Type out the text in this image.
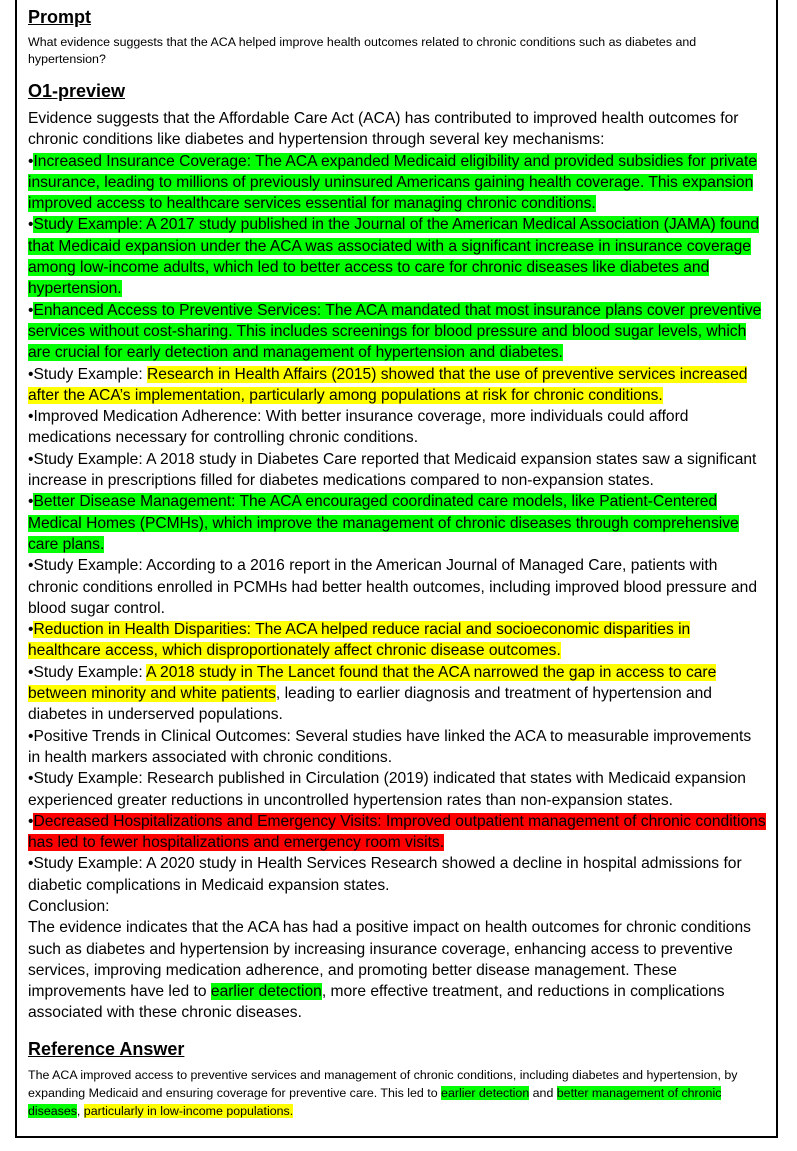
Prompt
What evidence suggests that the ACA helped improve health outcomes related to chronic conditions such as diabetes and hypertension?
O1-preview

Evidence suggests that the Affordable Care Act (ACA) has contributed to improved health outcomes for chronic conditions like diabetes and hypertension through several key mechanisms:

•Increased Insurance Coverage: The ACA expanded Medicaid eligibility and provided subsidies for private insurance, leading to millions of previously uninsured Americans gaining health coverage. This expansion improved access to healthcare services essential for managing chronic conditions.

•Study Example: A 2017 study published in the Journal of the American Medical Association (JAMA) found that Medicaid expansion under the ACA was associated with a significant increase in insurance coverage among low-income adults, which led to better access to care for chronic diseases like diabetes and hypertension.

•Enhanced Access to Preventive Services: The ACA mandated that most insurance plans cover preventive services without cost-sharing. This includes screenings for blood pressure and blood sugar levels, which are crucial for early detection and management of hypertension and diabetes.

•Study Example: Research in Health Affairs (2015) showed that the use of preventive services increased after the ACA’s implementation, particularly among populations at risk for chronic conditions.

•Improved Medication Adherence: With better insurance coverage, more individuals could afford medications necessary for controlling chronic conditions.

•Study Example: A 2018 study in Diabetes Care reported that Medicaid expansion states saw a significant increase in prescriptions filled for diabetes medications compared to non-expansion states.

•Better Disease Management: The ACA encouraged coordinated care models, like Patient-Centered Medical Homes (PCMHs), which improve the management of chronic diseases through comprehensive care plans.

•Study Example: According to a 2016 report in the American Journal of Managed Care, patients with chronic conditions enrolled in PCMHs had better health outcomes, including improved blood pressure and blood sugar control.

•Reduction in Health Disparities: The ACA helped reduce racial and socioeconomic disparities in healthcare access, which disproportionately affect chronic disease outcomes.

•Study Example: A 2018 study in The Lancet found that the ACA narrowed the gap in access to care between minority and white patients, leading to earlier diagnosis and treatment of hypertension and diabetes in underserved populations.

•Positive Trends in Clinical Outcomes: Several studies have linked the ACA to measurable improvements in health markers associated with chronic conditions.

•Study Example: Research published in Circulation (2019) indicated that states with Medicaid expansion experienced greater reductions in uncontrolled hypertension rates than non-expansion states.

•Decreased Hospitalizations and Emergency Visits: Improved outpatient management of chronic conditions has led to fewer hospitalizations and emergency room visits.

•Study Example: A 2020 study in Health Services Research showed a decline in hospital admissions for diabetic complications in Medicaid expansion states.

Conclusion:

The evidence indicates that the ACA has had a positive impact on health outcomes for chronic conditions such as diabetes and hypertension by increasing insurance coverage, enhancing access to preventive services, improving medication adherence, and promoting better disease management. These improvements have led to earlier detection, more effective treatment, and reductions in complications associated with these chronic diseases.

Reference Answer
The ACA improved access to preventive services and management of chronic conditions, including diabetes and hypertension, by expanding Medicaid and ensuring coverage for preventive care. This led to earlier detection and better management of chronic diseases, particularly in low-income populations.
